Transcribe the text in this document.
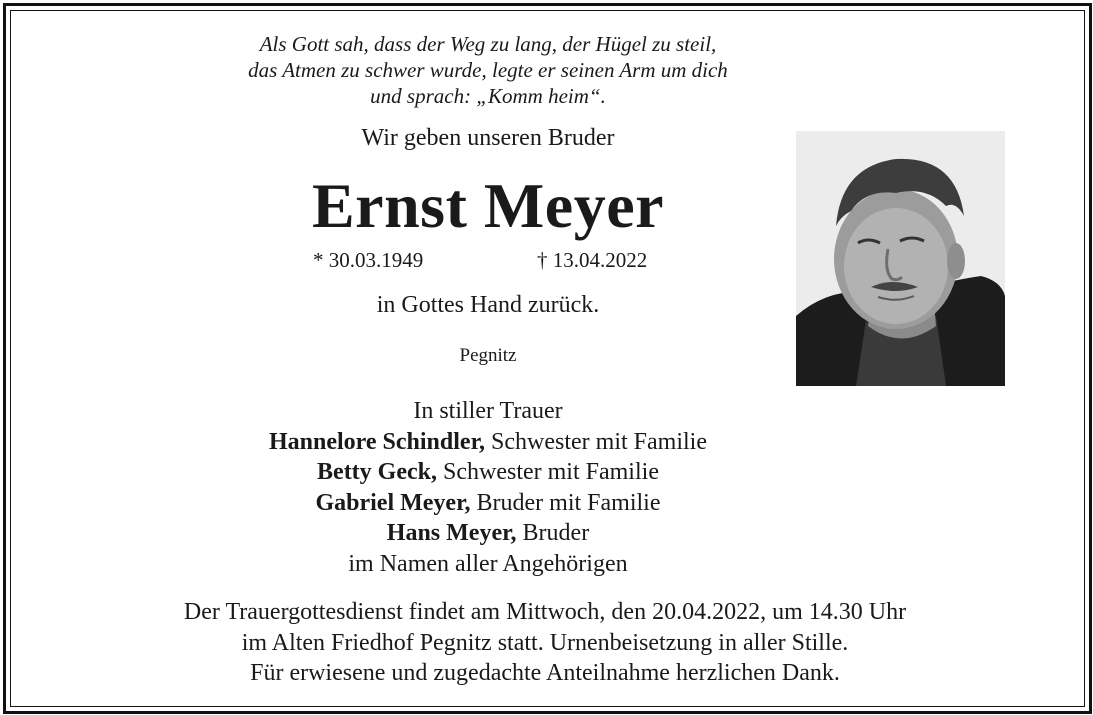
Als Gott sah, dass der Weg zu lang, der Hügel zu steil,
das Atmen zu schwer wurde, legte er seinen Arm um dich
und sprach: „Komm heim“.
Wir geben unseren Bruder
Ernst Meyer
* 30.03.1949	† 13.04.2022
in Gottes Hand zurück.
Pegnitz
In stiller Trauer
Hannelore Schindler, Schwester mit Familie
Betty Geck, Schwester mit Familie
Gabriel Meyer, Bruder mit Familie
Hans Meyer, Bruder
im Namen aller Angehörigen
Der Trauergottesdienst findet am Mittwoch, den 20.04.2022, um 14.30 Uhr
im Alten Friedhof Pegnitz statt. Urnenbeisetzung in aller Stille.
Für erwiesene und zugedachte Anteilnahme herzlichen Dank.
